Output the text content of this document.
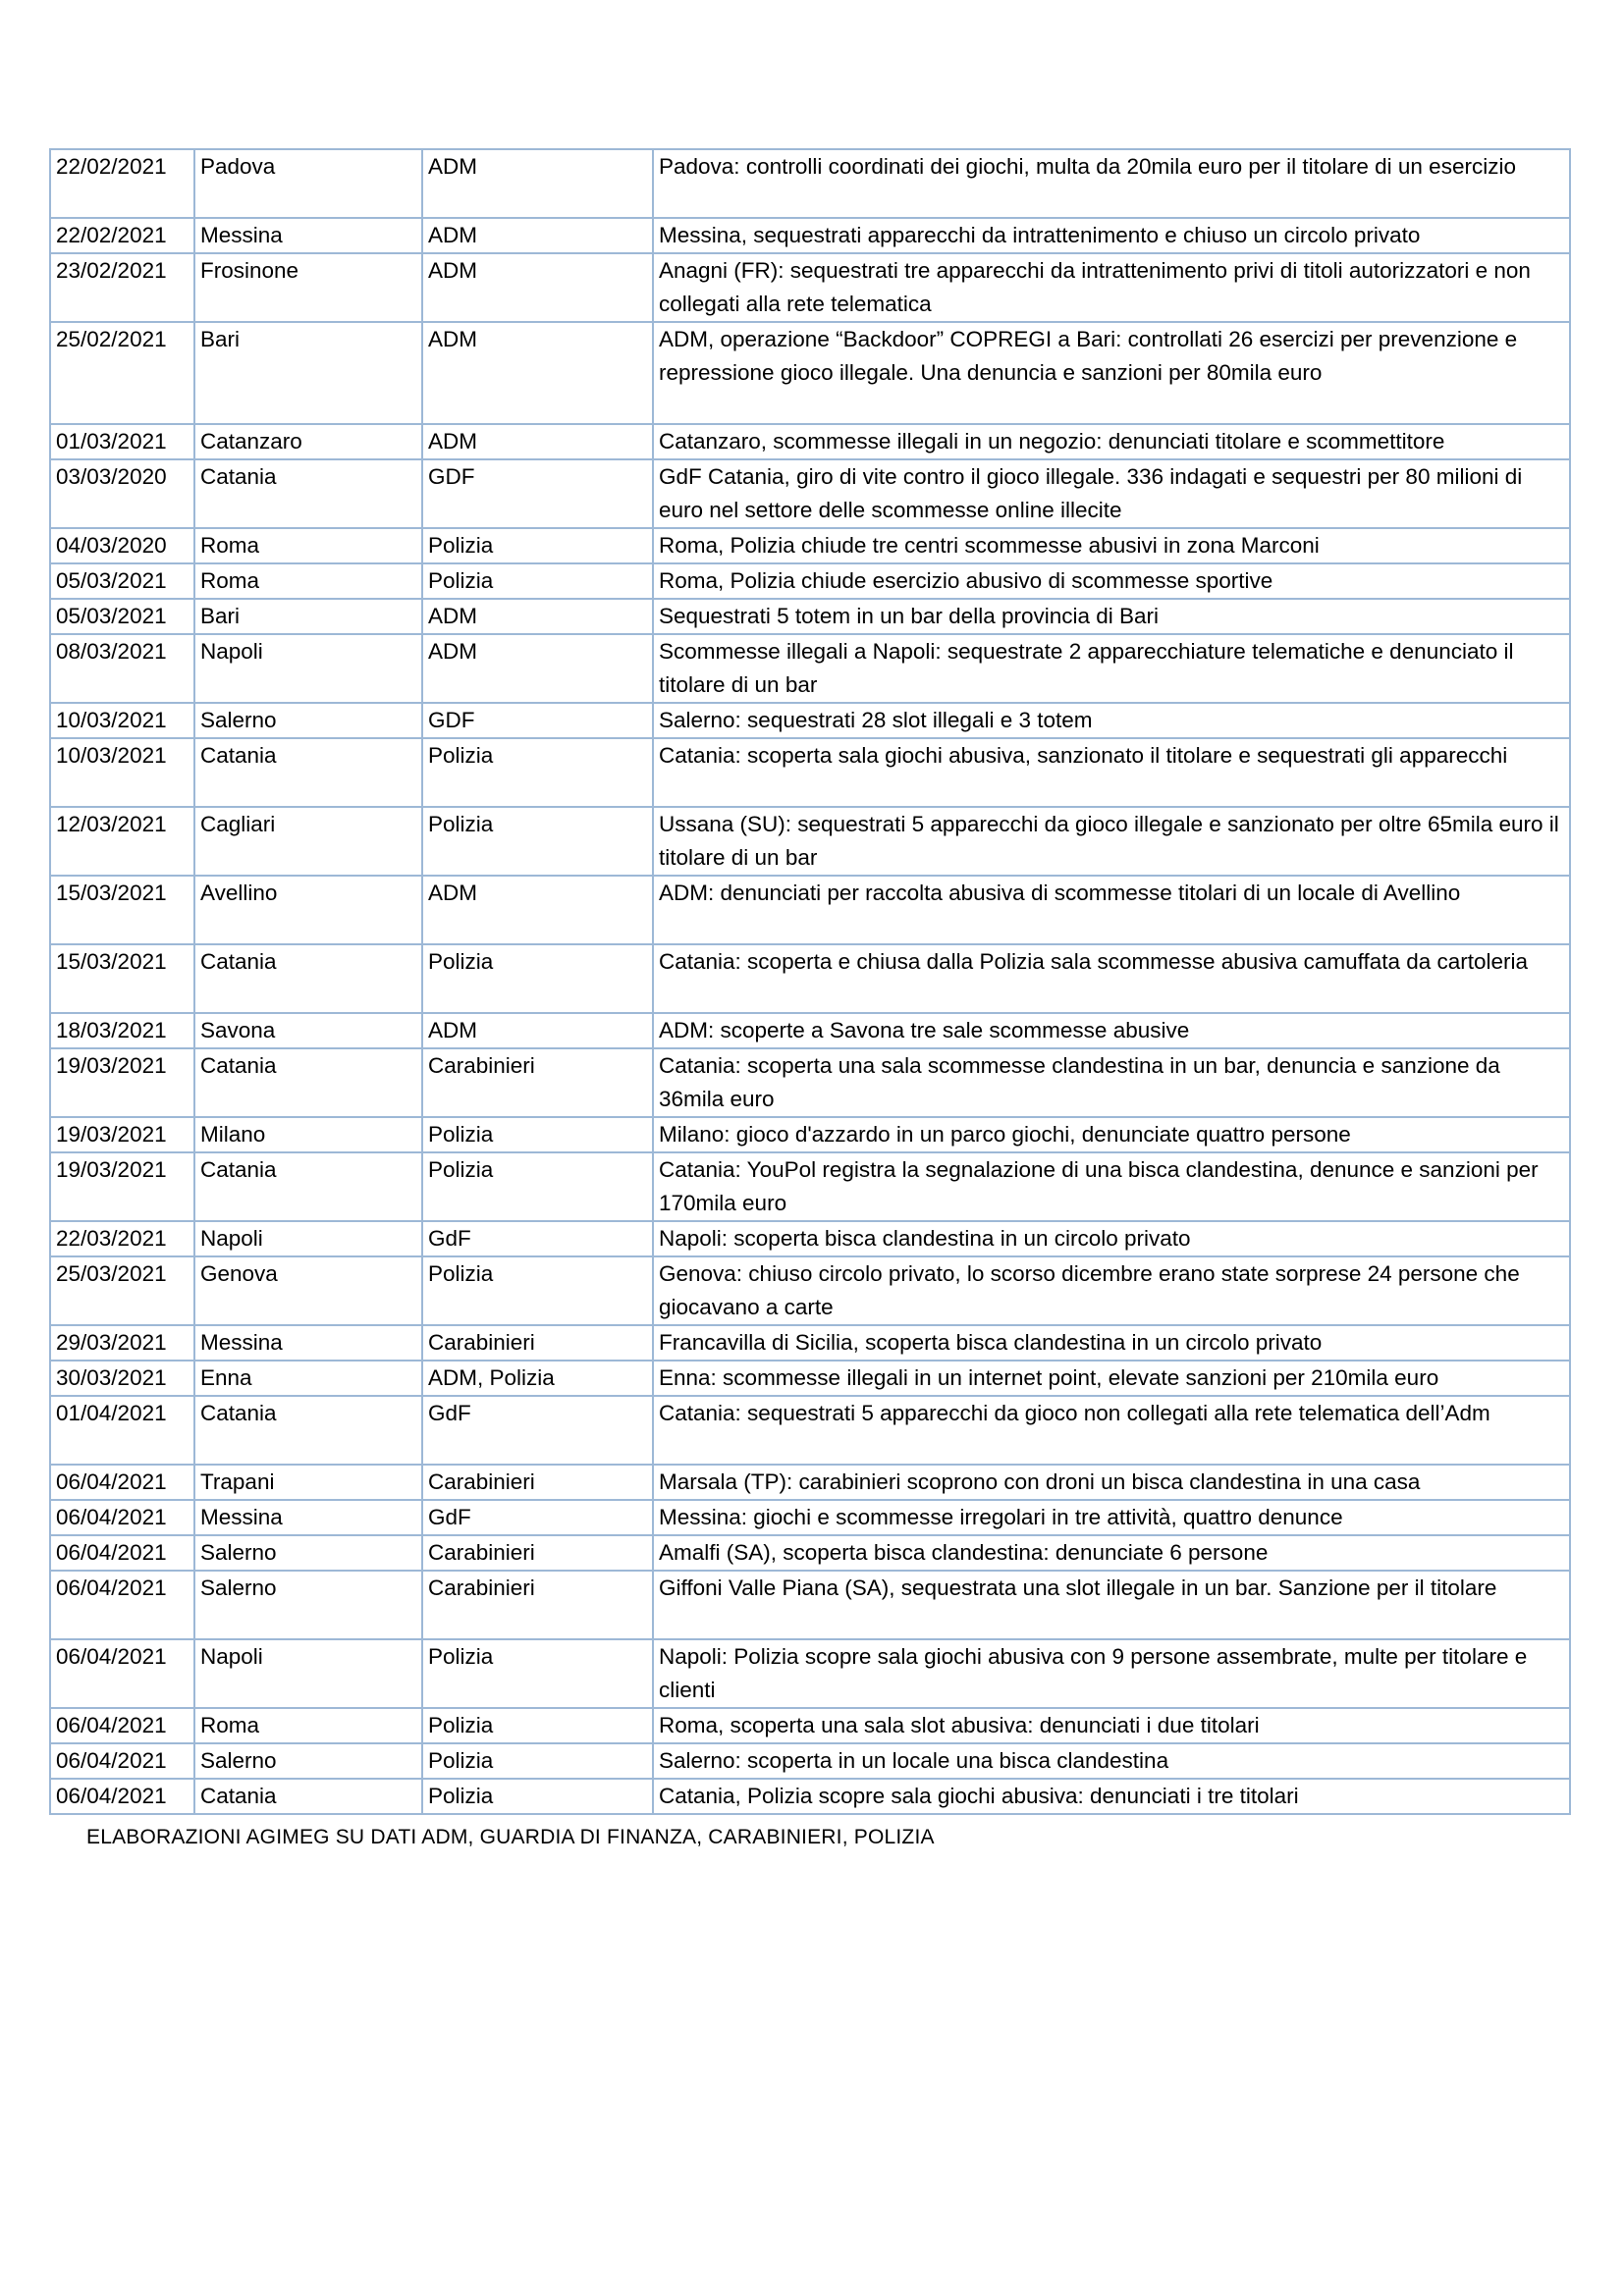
22/02/2021	Padova	ADM	Padova: controlli coordinati dei giochi, multa da 20mila euro per il titolare di un esercizio
22/02/2021	Messina	ADM	Messina, sequestrati apparecchi da intrattenimento e chiuso un circolo privato
23/02/2021	Frosinone	ADM	Anagni (FR): sequestrati tre apparecchi da intrattenimento privi di titoli autorizzatori e non collegati alla rete telematica
25/02/2021	Bari	ADM	ADM, operazione “Backdoor” COPREGI a Bari: controllati 26 esercizi per prevenzione e repressione gioco illegale. Una denuncia e sanzioni per 80mila euro
01/03/2021	Catanzaro	ADM	Catanzaro, scommesse illegali in un negozio: denunciati titolare e scommettitore
03/03/2020	Catania	GDF	GdF Catania, giro di vite contro il gioco illegale. 336 indagati e sequestri per 80 milioni di euro nel settore delle scommesse online illecite
04/03/2020	Roma	Polizia	Roma, Polizia chiude tre centri scommesse abusivi in zona Marconi
05/03/2021	Roma	Polizia	Roma, Polizia chiude esercizio abusivo di scommesse sportive
05/03/2021	Bari	ADM	Sequestrati 5 totem in un bar della provincia di Bari
08/03/2021	Napoli	ADM	Scommesse illegali a Napoli: sequestrate 2 apparecchiature telematiche e denunciato il titolare di un bar
10/03/2021	Salerno	GDF	Salerno: sequestrati 28 slot illegali e 3 totem
10/03/2021	Catania	Polizia	Catania: scoperta sala giochi abusiva, sanzionato il titolare e sequestrati gli apparecchi
12/03/2021	Cagliari	Polizia	Ussana (SU): sequestrati 5 apparecchi da gioco illegale e sanzionato per oltre 65mila euro il titolare di un bar
15/03/2021	Avellino	ADM	ADM: denunciati per raccolta abusiva di scommesse titolari di un locale di Avellino
15/03/2021	Catania	Polizia	Catania: scoperta e chiusa dalla Polizia sala scommesse abusiva camuffata da cartoleria
18/03/2021	Savona	ADM	ADM: scoperte a Savona tre sale scommesse abusive
19/03/2021	Catania	Carabinieri	Catania: scoperta una sala scommesse clandestina in un bar, denuncia e sanzione da 36mila euro
19/03/2021	Milano	Polizia	Milano: gioco d'azzardo in un parco giochi, denunciate quattro persone
19/03/2021	Catania	Polizia	Catania: YouPol registra la segnalazione di una bisca clandestina, denunce e sanzioni per 170mila euro
22/03/2021	Napoli	GdF	Napoli: scoperta bisca clandestina in un circolo privato
25/03/2021	Genova	Polizia	Genova: chiuso circolo privato, lo scorso dicembre erano state sorprese 24 persone che giocavano a carte
29/03/2021	Messina	Carabinieri	Francavilla di Sicilia, scoperta bisca clandestina in un circolo privato
30/03/2021	Enna	ADM, Polizia	Enna: scommesse illegali in un internet point, elevate sanzioni per 210mila euro
01/04/2021	Catania	GdF	Catania: sequestrati 5 apparecchi da gioco non collegati alla rete telematica dell’Adm
06/04/2021	Trapani	Carabinieri	Marsala (TP): carabinieri scoprono con droni un bisca clandestina in una casa
06/04/2021	Messina	GdF	Messina: giochi e scommesse irregolari in tre attività, quattro denunce
06/04/2021	Salerno	Carabinieri	Amalfi (SA), scoperta bisca clandestina: denunciate 6 persone
06/04/2021	Salerno	Carabinieri	Giffoni Valle Piana (SA), sequestrata una slot illegale in un bar. Sanzione per il titolare
06/04/2021	Napoli	Polizia	Napoli: Polizia scopre sala giochi abusiva con 9 persone assembrate, multe per titolare e clienti
06/04/2021	Roma	Polizia	Roma, scoperta una sala slot abusiva: denunciati i due titolari
06/04/2021	Salerno	Polizia	Salerno: scoperta in un locale una bisca clandestina
06/04/2021	Catania	Polizia	Catania, Polizia scopre sala giochi abusiva: denunciati i tre titolari
ELABORAZIONI AGIMEG SU DATI ADM, GUARDIA DI FINANZA, CARABINIERI, POLIZIA
